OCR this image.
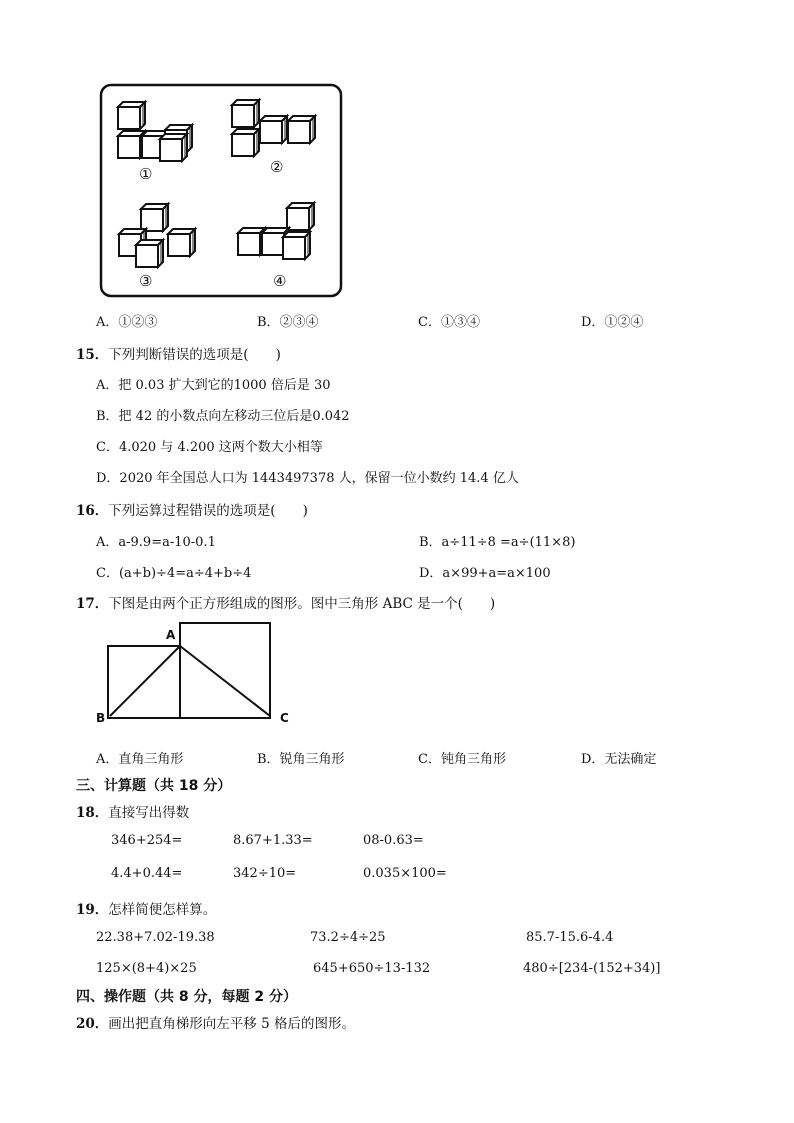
①	②
③	④
A．①②③	B．②③④	C．①③④	D．①②④
15．下列判断错误的选项是(　　)
A．把 0.03 扩大到它的1000 倍后是 30
B．把 42 的小数点向左移动三位后是0.042
C．4.020 与 4.200 这两个数大小相等
D．2020 年全国总人口为 1443497378 人，保留一位小数约 14.4 亿人
16．下列运算过程错误的选项是(　　)
A．a-9.9=a-10-0.1	B．a÷11÷8 =a÷(11×8)
C．(a+b)÷4=a÷4+b÷4	D．a×99+a=a×100
17．下图是由两个正方形组成的图形。图中三角形 ABC 是一个(　　)
A
B	C
A．直角三角形	B．锐角三角形	C．钝角三角形	D．无法确定
三、计算题（共 18 分）
18．直接写出得数
346+254=	8.67+1.33=	08-0.63=
4.4+0.44=	342÷10=	0.035×100=
19．怎样简便怎样算。
22.38+7.02-19.38	73.2÷4÷25	85.7-15.6-4.4
125×(8+4)×25	645+650÷13-132	480÷[234-(152+34)]
四、操作题（共 8 分，每题 2 分）
20．画出把直角梯形向左平移 5 格后的图形。
